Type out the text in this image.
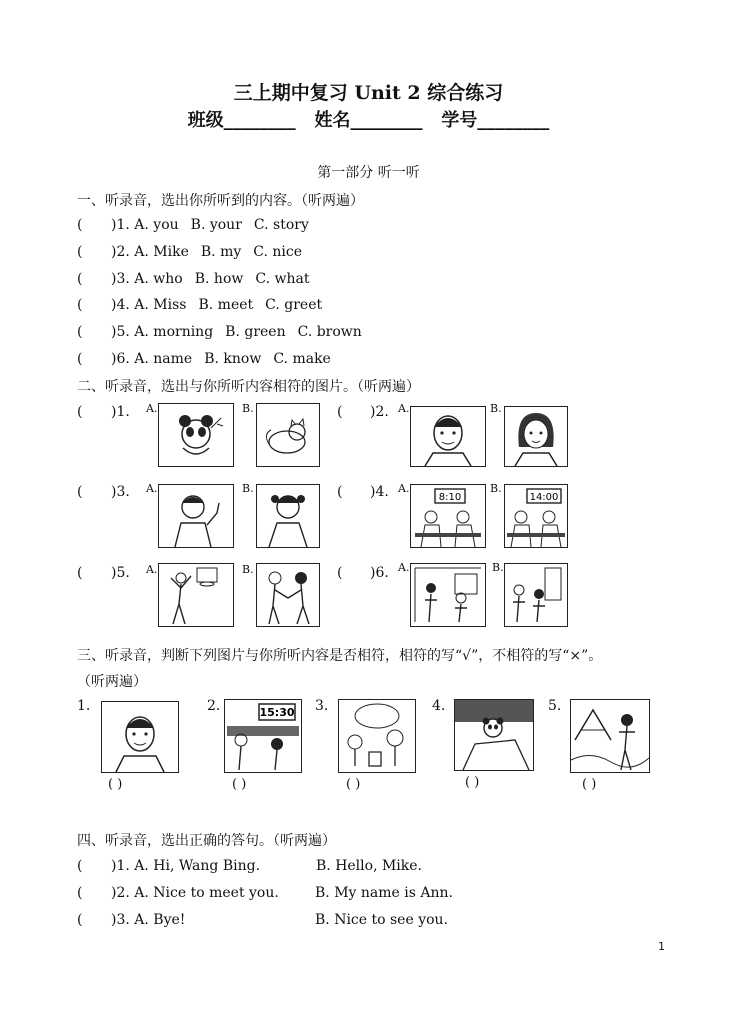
三上期中复习 Unit 2 综合练习
班级________ 姓名________ 学号________
第一部分 听一听
一、听录音，选出你所听到的内容。（听两遍）
( )1. A. you B. your C. story
( )2. A. Mike B. my C. nice
( )3. A. who B. how C. what
( )4. A. Miss B. meet C. greet
( )5. A. morning B. green C. brown
( )6. A. name B. know C. make
二、听录音，选出与你所听内容相符的图片。（听两遍）
( )1. A.	B.	( )2. A.	B.
( )3. A.	B.	( )4. A.
8:10
B.
14:00
( )5. A.	B.	( )6. A.	B.
三、听录音，判断下列图片与你所听内容是否相符，相符的写“√”，不相符的写“×”。
（听两遍）
1.
( )
2.	15:30
( )
3.
( )
4.
( )
5.
( )
四、听录音，选出正确的答句。（听两遍）
( )1. A. Hi, Wang Bing.	B. Hello, Mike.
( )2. A. Nice to meet you.	B. My name is Ann.
( )3. A. Bye!	B. Nice to see you.
1
